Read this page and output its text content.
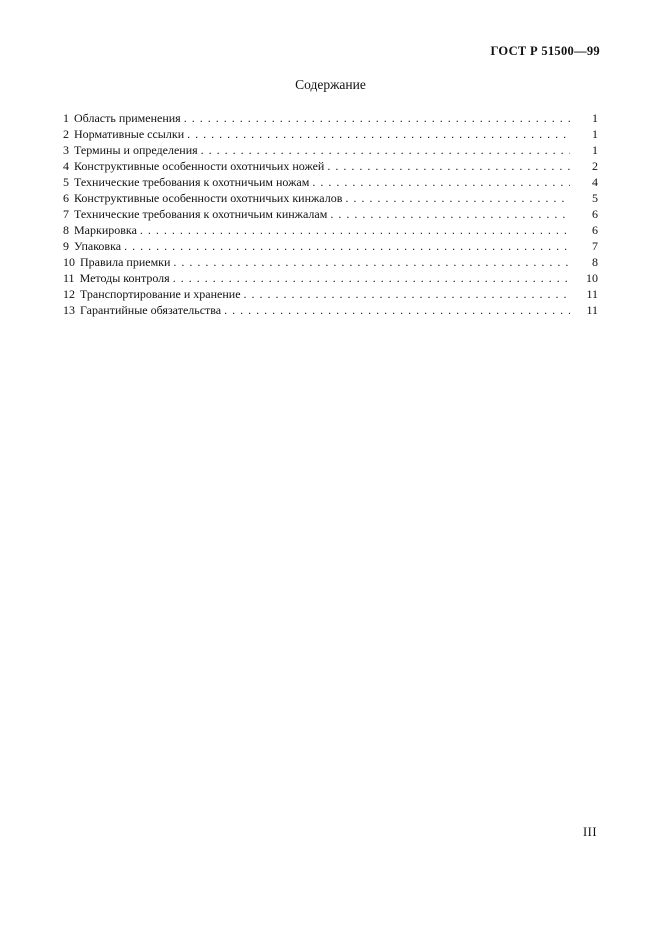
ГОСТ Р 51500—99
Содержание
1 Область применения . . .	1
2 Нормативные ссылки . . .	1
3 Термины и определения . . .	1
4 Конструктивные особенности охотничьих ножей . . .	2
5 Технические требования к охотничьим ножам . . .	4
6 Конструктивные особенности охотничьих кинжалов . . .	5
7 Технические требования к охотничьим кинжалам . . .	6
8 Маркировка . . .	6
9 Упаковка . . .	7
10 Правила приемки . . .	8
11 Методы контроля . . .	10
12 Транспортирование и хранение . . .	11
13 Гарантийные обязательства . . .	11
III
